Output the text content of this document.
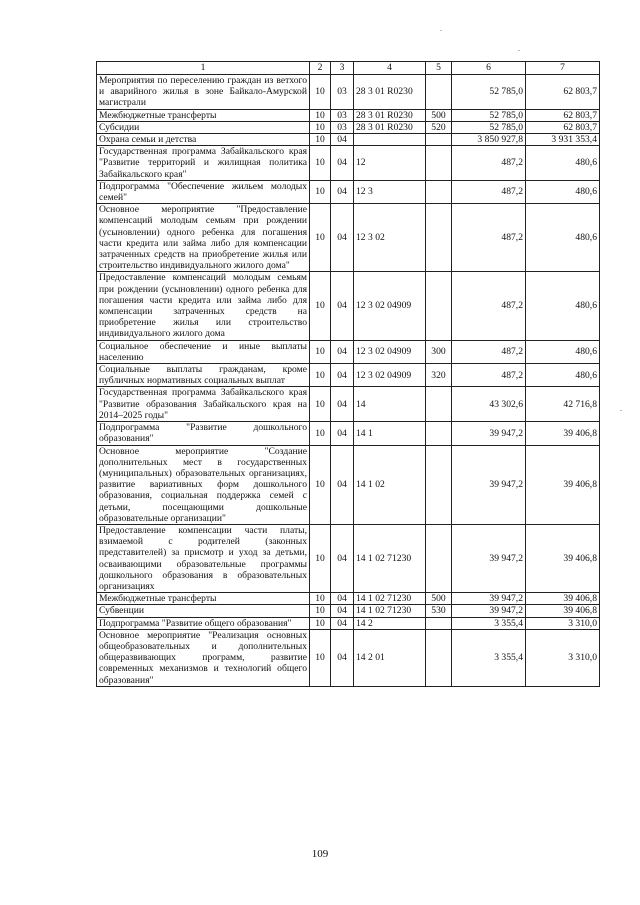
1	2	3	4	5	6	7
Мероприятия по переселению граждан из ветхого и аварийного жилья в зоне Байкало-Амурской магистрали	10	03	28 3 01 R0230		52 785,0	62 803,7
Межбюджетные трансферты	10	03	28 3 01 R0230	500	52 785,0	62 803,7
Субсидии	10	03	28 3 01 R0230	520	52 785,0	62 803,7
Охрана семьи и детства	10	04			3 850 927,8	3 931 353,4
Государственная программа Забайкальского края "Развитие территорий и жилищная политика Забайкальского края"	10	04	12		487,2	480,6
Подпрограмма "Обеспечение жильем молодых семей"	10	04	12 3		487,2	480,6
Основное мероприятие "Предоставление компенсаций молодым семьям при рождении (усыновлении) одного ребенка для погашения части кредита или займа либо для компенсации затраченных средств на приобретение жилья или строительство индивидуального жилого дома"	10	04	12 3 02		487,2	480,6
Предоставление компенсаций молодым семьям при рождении (усыновлении) одного ребенка для погашения части кредита или займа либо для компенсации затраченных средств на приобретение жилья или строительство индивидуального жилого дома	10	04	12 3 02 04909		487,2	480,6
Социальное обеспечение и иные выплаты населению	10	04	12 3 02 04909	300	487,2	480,6
Социальные выплаты гражданам, кроме публичных нормативных социальных выплат	10	04	12 3 02 04909	320	487,2	480,6
Государственная программа Забайкальского края "Развитие образования Забайкальского края на 2014–2025 годы"	10	04	14		43 302,6	42 716,8
Подпрограмма "Развитие дошкольного образования"	10	04	14 1		39 947,2	39 406,8
Основное мероприятие "Создание дополнительных мест в государственных (муниципальных) образовательных организациях, развитие вариативных форм дошкольного образования, социальная поддержка семей с детьми, посещающими дошкольные образовательные организации"	10	04	14 1 02		39 947,2	39 406,8
Предоставление компенсации части платы, взимаемой с родителей (законных представителей) за присмотр и уход за детьми, осваивающими образовательные программы дошкольного образования в образовательных организациях	10	04	14 1 02 71230		39 947,2	39 406,8
Межбюджетные трансферты	10	04	14 1 02 71230	500	39 947,2	39 406,8
Субвенции	10	04	14 1 02 71230	530	39 947,2	39 406,8
Подпрограмма "Развитие общего образования"	10	04	14 2		3 355,4	3 310,0
Основное мероприятие "Реализация основных общеобразовательных и дополнительных общеразвивающих программ, развитие современных механизмов и технологий общего образования"	10	04	14 2 01		3 355,4	3 310,0
109
